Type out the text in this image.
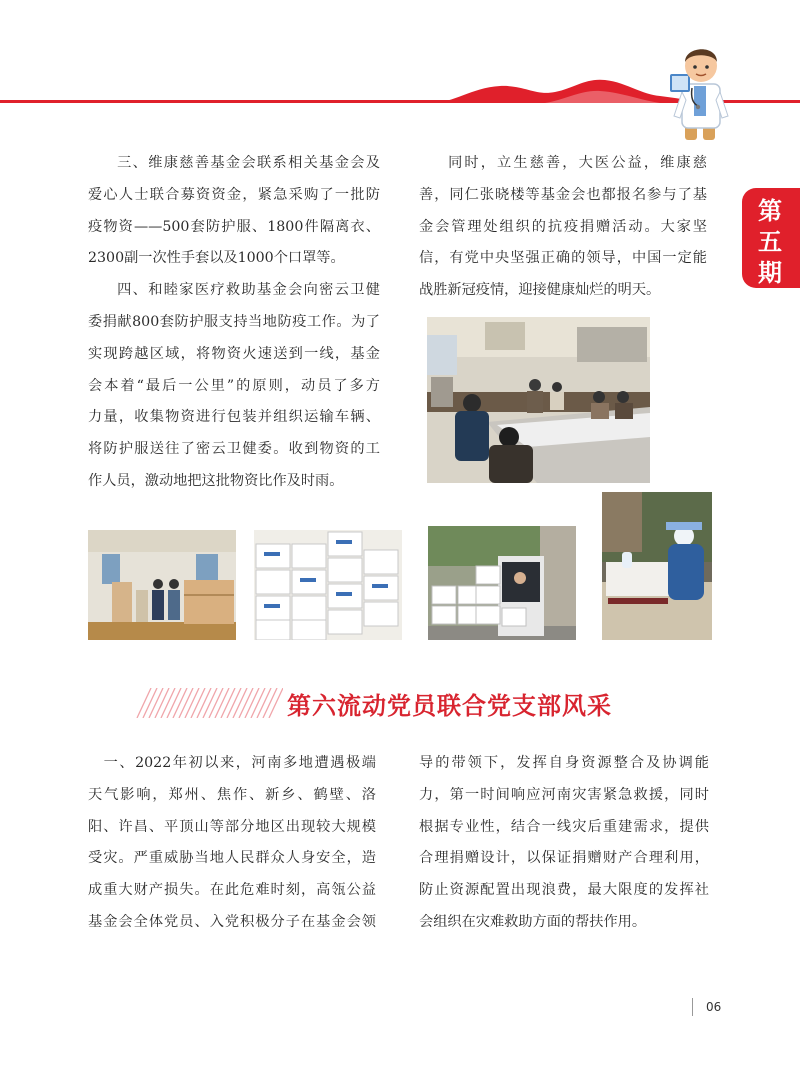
第
五
期
三、维康慈善基金会联系相关基金会及
爱心人士联合募资资金，紧急采购了一批防
疫物资——500套防护服、1800件隔离衣、
2300副一次性手套以及1000个口罩等。
四、和睦家医疗救助基金会向密云卫健
委捐献800套防护服支持当地防疫工作。为了
实现跨越区域，将物资火速送到一线，基金
会本着“最后一公里”的原则，动员了多方
力量，收集物资进行包装并组织运输车辆、
将防护服送往了密云卫健委。收到物资的工
作人员，激动地把这批物资比作及时雨。
同时，立生慈善，大医公益，维康慈
善，同仁张晓楼等基金会也都报名参与了基
金会管理处组织的抗疫捐赠活动。大家坚
信，有党中央坚强正确的领导，中国一定能
战胜新冠疫情，迎接健康灿烂的明天。
第六流动党员联合党支部风采
一、2022年初以来，河南多地遭遇极端
天气影响，郑州、焦作、新乡、鹤壁、洛
阳、许昌、平顶山等部分地区出现较大规模
受灾。严重威胁当地人民群众人身安全，造
成重大财产损失。在此危难时刻，高瓴公益
基金会全体党员、入党积极分子在基金会领
导的带领下，发挥自身资源整合及协调能
力，第一时间响应河南灾害紧急救援，同时
根据专业性，结合一线灾后重建需求，提供
合理捐赠设计，以保证捐赠财产合理利用，
防止资源配置出现浪费，最大限度的发挥社
会组织在灾难救助方面的帮扶作用。
06
